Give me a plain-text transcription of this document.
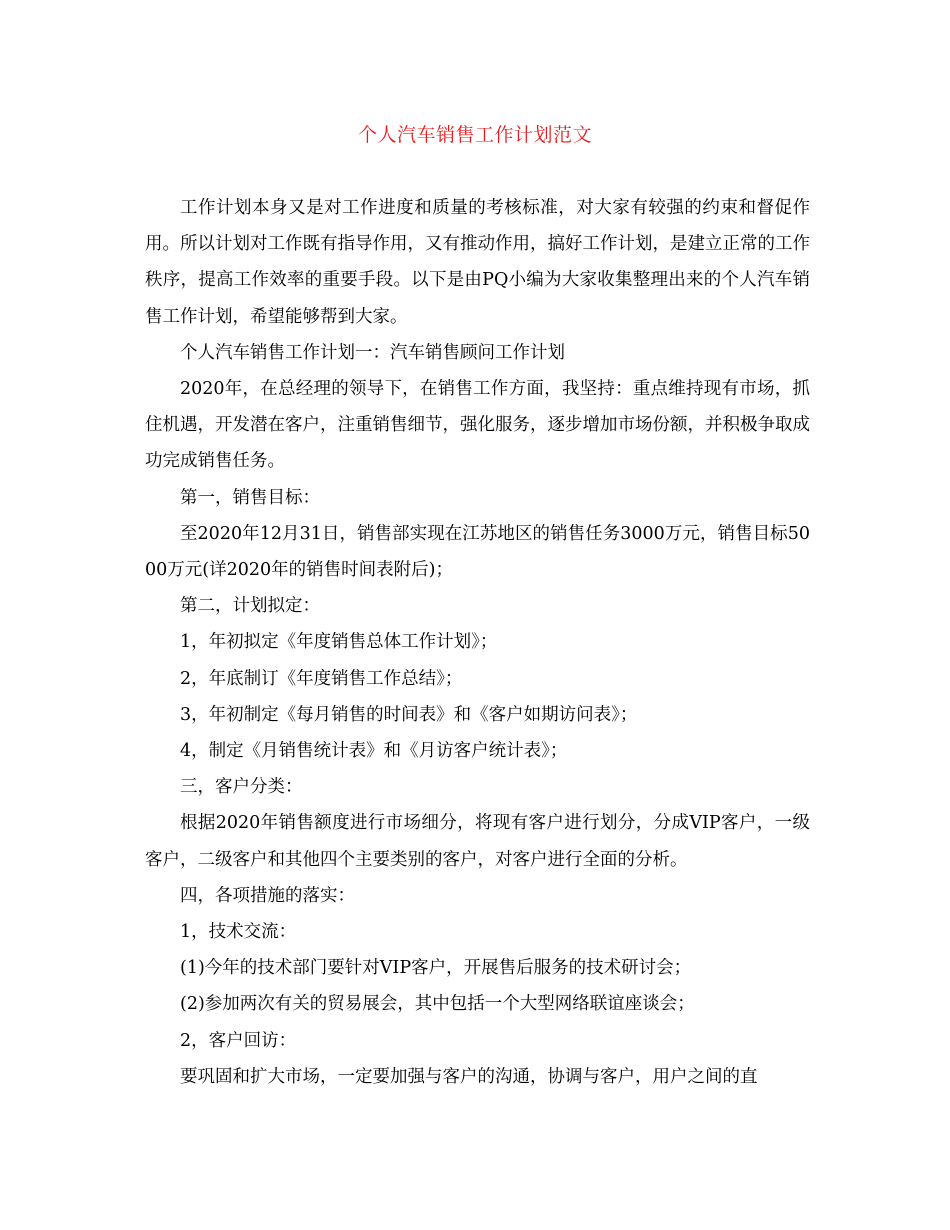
个人汽车销售工作计划范文

工作计划本身又是对工作进度和质量的考核标准，对大家有较强的约束和督促作用。所以计划对工作既有指导作用，又有推动作用，搞好工作计划，是建立正常的工作秩序，提高工作效率的重要手段。以下是由PQ小编为大家收集整理出来的个人汽车销售工作计划，希望能够帮到大家。

个人汽车销售工作计划一：汽车销售顾问工作计划

2020年，在总经理的领导下，在销售工作方面，我坚持：重点维持现有市场，抓住机遇，开发潜在客户，注重销售细节，强化服务，逐步增加市场份额，并积极争取成功完成销售任务。

第一，销售目标：

至2020年12月31日，销售部实现在江苏地区的销售任务3000万元，销售目标5000万元(详2020年的销售时间表附后)；

第二，计划拟定：

1，年初拟定《年度销售总体工作计划》；

2，年底制订《年度销售工作总结》；

3，年初制定《每月销售的时间表》和《客户如期访问表》；

4，制定《月销售统计表》和《月访客户统计表》；

三，客户分类：

根据2020年销售额度进行市场细分，将现有客户进行划分，分成VIP客户，一级客户，二级客户和其他四个主要类别的客户，对客户进行全面的分析。

四，各项措施的落实：

1，技术交流：

(1)今年的技术部门要针对VIP客户，开展售后服务的技术研讨会；

(2)参加两次有关的贸易展会，其中包括一个大型网络联谊座谈会；

2，客户回访：

要巩固和扩大市场，一定要加强与客户的沟通，协调与客户，用户之间的直
